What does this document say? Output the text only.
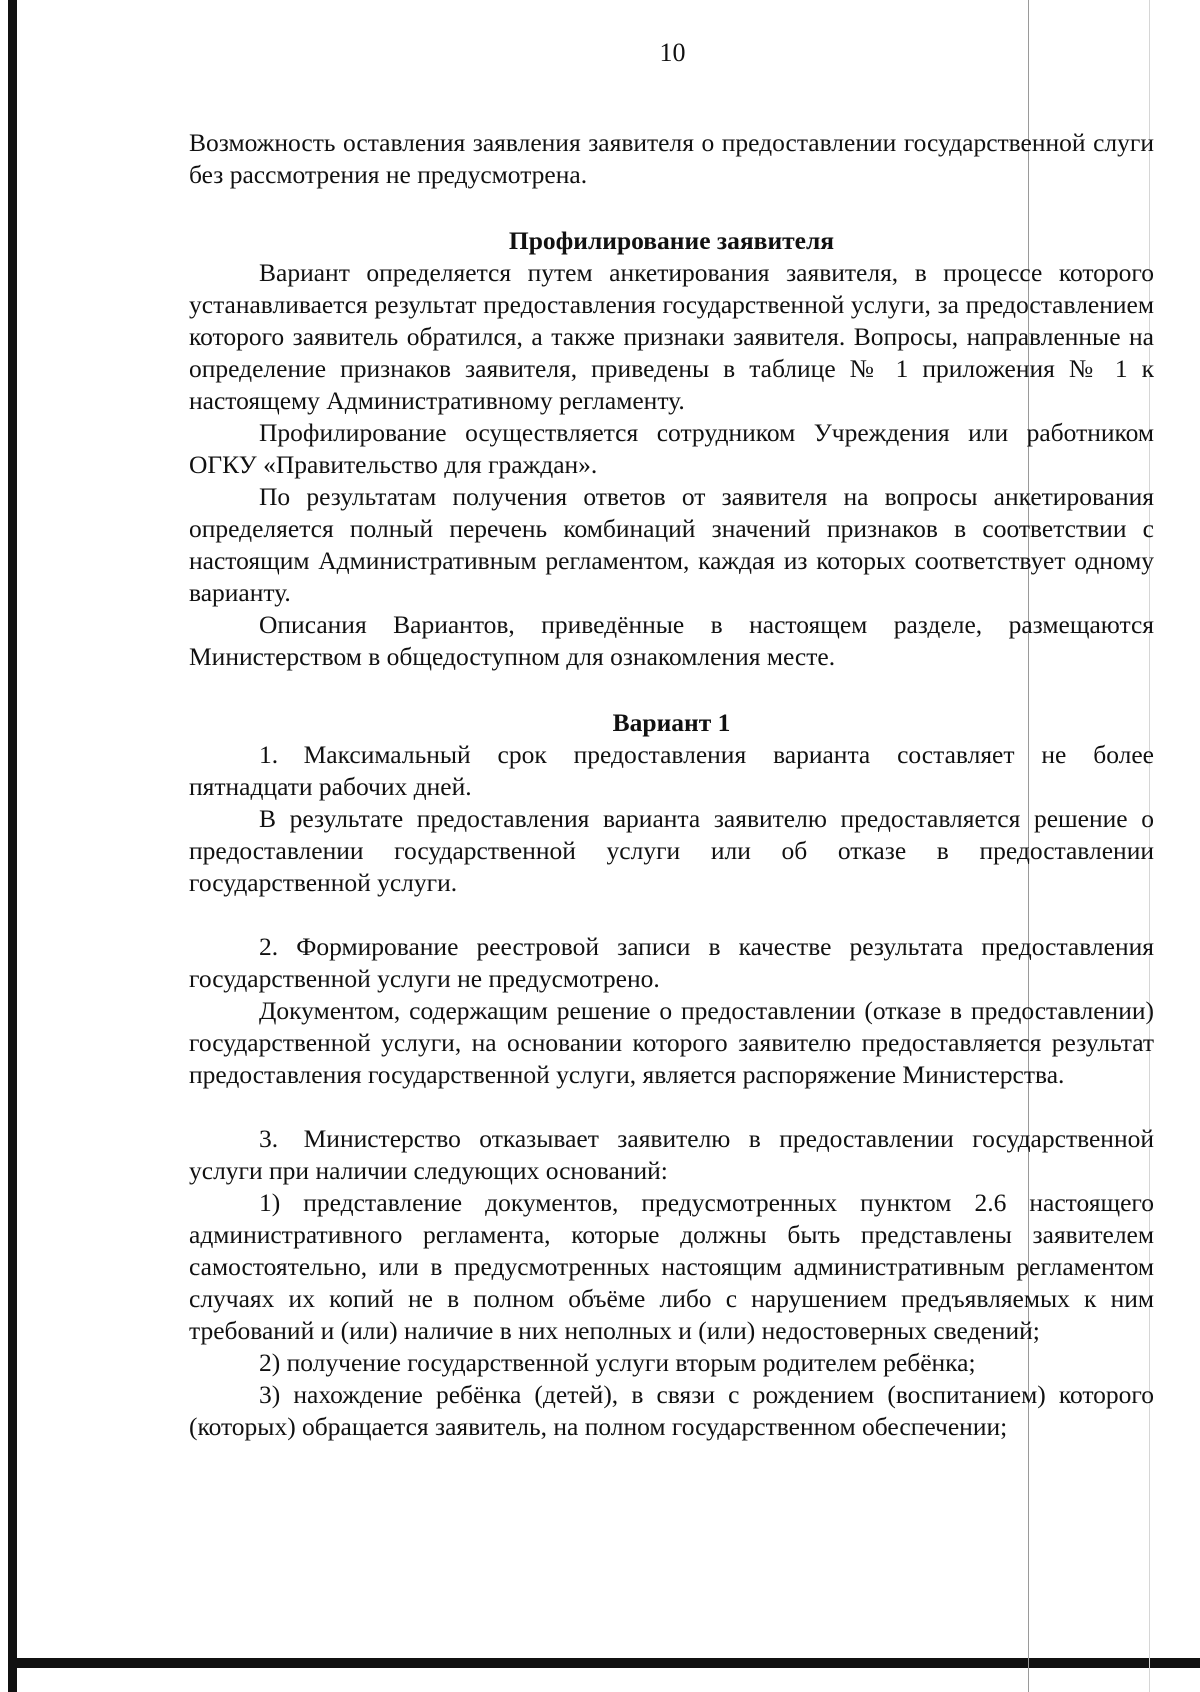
10

Возможность оставления заявления заявителя о предоставлении государственной слуги без рассмотрения не предусмотрена.

Профилирование заявителя

Вариант определяется путем анкетирования заявителя, в процессе которого устанавливается результат предоставления государственной услуги, за предоставлением которого заявитель обратился, а также признаки заявителя. Вопросы, направленные на определение признаков заявителя, приведены в таблице № 1 приложения № 1 к настоящему Административному регламенту.

Профилирование осуществляется сотрудником Учреждения или работником ОГКУ «Правительство для граждан».

По результатам получения ответов от заявителя на вопросы анкетирования определяется полный перечень комбинаций значений признаков в соответствии с настоящим Административным регламентом, каждая из которых соответствует одному варианту.

Описания Вариантов, приведённые в настоящем разделе, размещаются Министерством в общедоступном для ознакомления месте.

Вариант 1

1. Максимальный срок предоставления варианта составляет не более пятнадцати рабочих дней.

В результате предоставления варианта заявителю предоставляется решение о предоставлении государственной услуги или об отказе в предоставлении государственной услуги.

2. Формирование реестровой записи в качестве результата предоставления государственной услуги не предусмотрено.

Документом, содержащим решение о предоставлении (отказе в предоставлении) государственной услуги, на основании которого заявителю предоставляется результат предоставления государственной услуги, является распоряжение Министерства.

3. Министерство отказывает заявителю в предоставлении государственной услуги при наличии следующих оснований:

1) представление документов, предусмотренных пунктом 2.6 настоящего административного регламента, которые должны быть представлены заявителем самостоятельно, или в предусмотренных настоящим административным регламентом случаях их копий не в полном объёме либо с нарушением предъявляемых к ним требований и (или) наличие в них неполных и (или) недостоверных сведений;

2) получение государственной услуги вторым родителем ребёнка;

3) нахождение ребёнка (детей), в связи с рождением (воспитанием) которого (которых) обращается заявитель, на полном государственном обеспечении;
